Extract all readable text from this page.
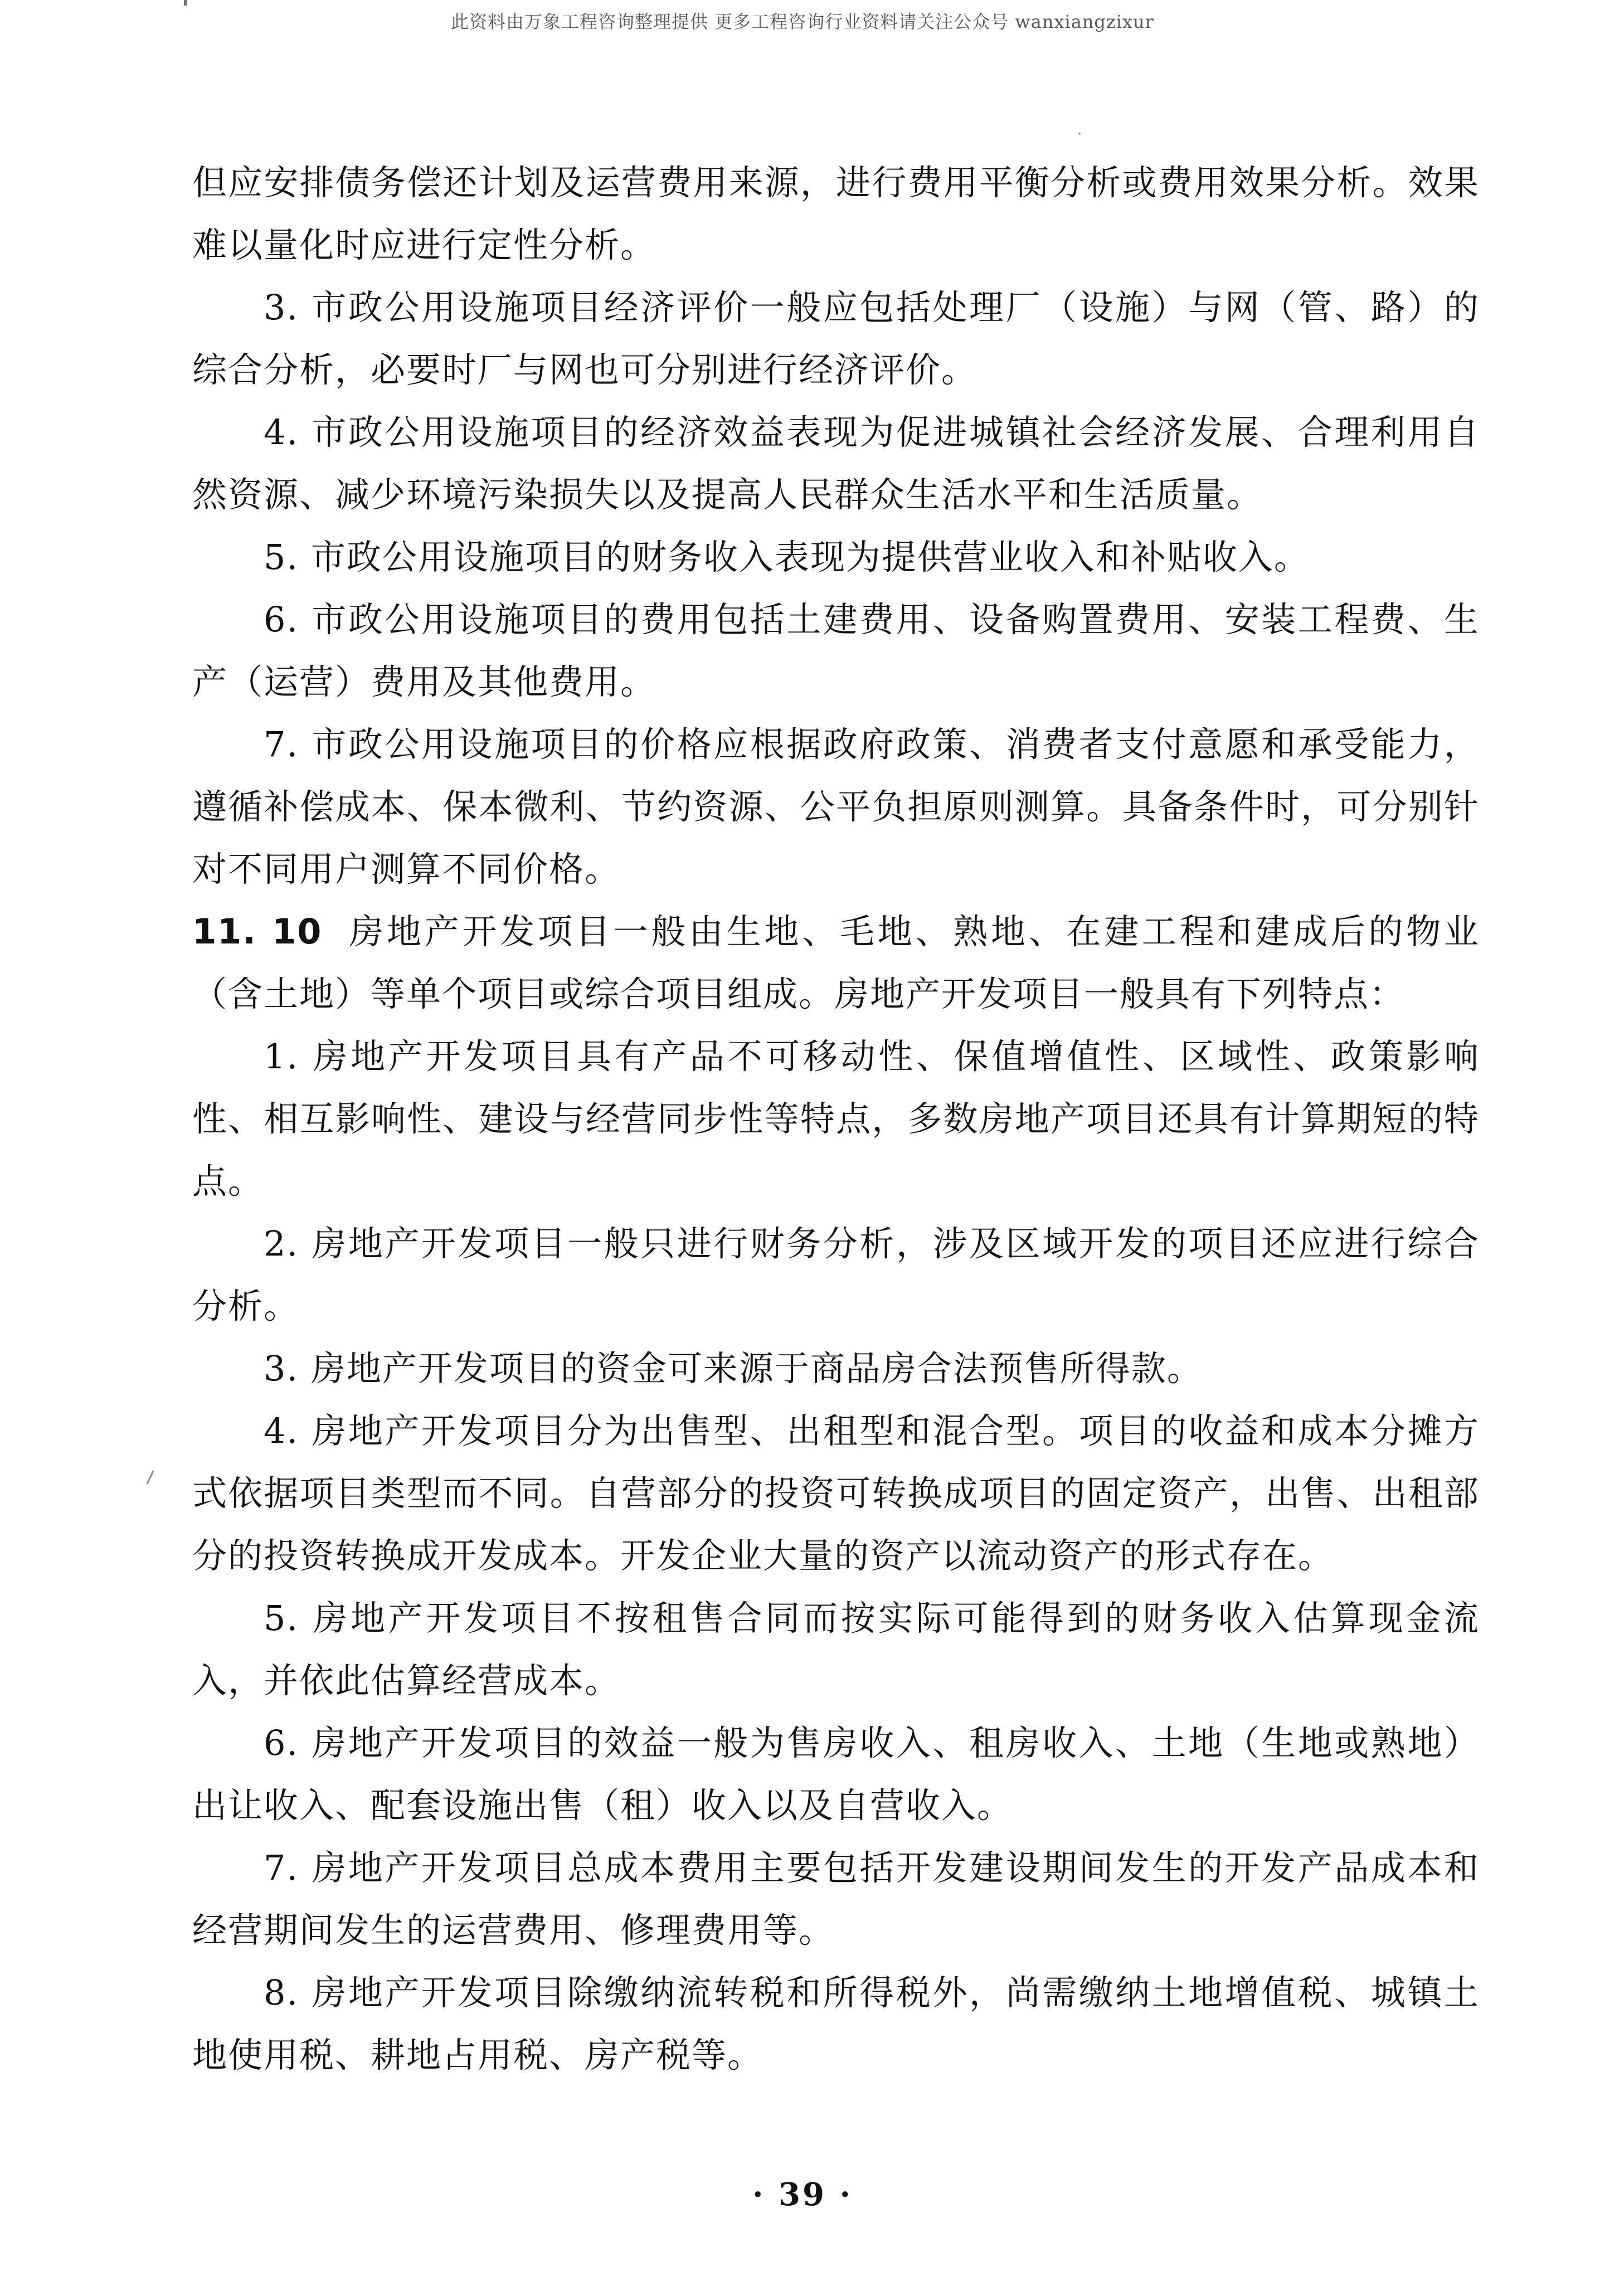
此资料由万象工程咨询整理提供 更多工程咨询行业资料请关注公众号 wanxiangzixur

但应安排债务偿还计划及运营费用来源，进行费用平衡分析或费用效果分析。效果难以量化时应进行定性分析。

3. 市政公用设施项目经济评价一般应包括处理厂（设施）与网（管、路）的综合分析，必要时厂与网也可分别进行经济评价。

4. 市政公用设施项目的经济效益表现为促进城镇社会经济发展、合理利用自然资源、减少环境污染损失以及提高人民群众生活水平和生活质量。

5. 市政公用设施项目的财务收入表现为提供营业收入和补贴收入。

6. 市政公用设施项目的费用包括土建费用、设备购置费用、安装工程费、生产（运营）费用及其他费用。

7. 市政公用设施项目的价格应根据政府政策、消费者支付意愿和承受能力，遵循补偿成本、保本微利、节约资源、公平负担原则测算。具备条件时，可分别针对不同用户测算不同价格。

11. 10 房地产开发项目一般由生地、毛地、熟地、在建工程和建成后的物业（含土地）等单个项目或综合项目组成。房地产开发项目一般具有下列特点：

1. 房地产开发项目具有产品不可移动性、保值增值性、区域性、政策影响性、相互影响性、建设与经营同步性等特点，多数房地产项目还具有计算期短的特点。

2. 房地产开发项目一般只进行财务分析，涉及区域开发的项目还应进行综合分析。

3. 房地产开发项目的资金可来源于商品房合法预售所得款。

4. 房地产开发项目分为出售型、出租型和混合型。项目的收益和成本分摊方式依据项目类型而不同。自营部分的投资可转换成项目的固定资产，出售、出租部分的投资转换成开发成本。开发企业大量的资产以流动资产的形式存在。

5. 房地产开发项目不按租售合同而按实际可能得到的财务收入估算现金流入，并依此估算经营成本。

6. 房地产开发项目的效益一般为售房收入、租房收入、土地（生地或熟地）出让收入、配套设施出售（租）收入以及自营收入。

7. 房地产开发项目总成本费用主要包括开发建设期间发生的开发产品成本和经营期间发生的运营费用、修理费用等。

8. 房地产开发项目除缴纳流转税和所得税外，尚需缴纳土地增值税、城镇土地使用税、耕地占用税、房产税等。

· 39 ·
